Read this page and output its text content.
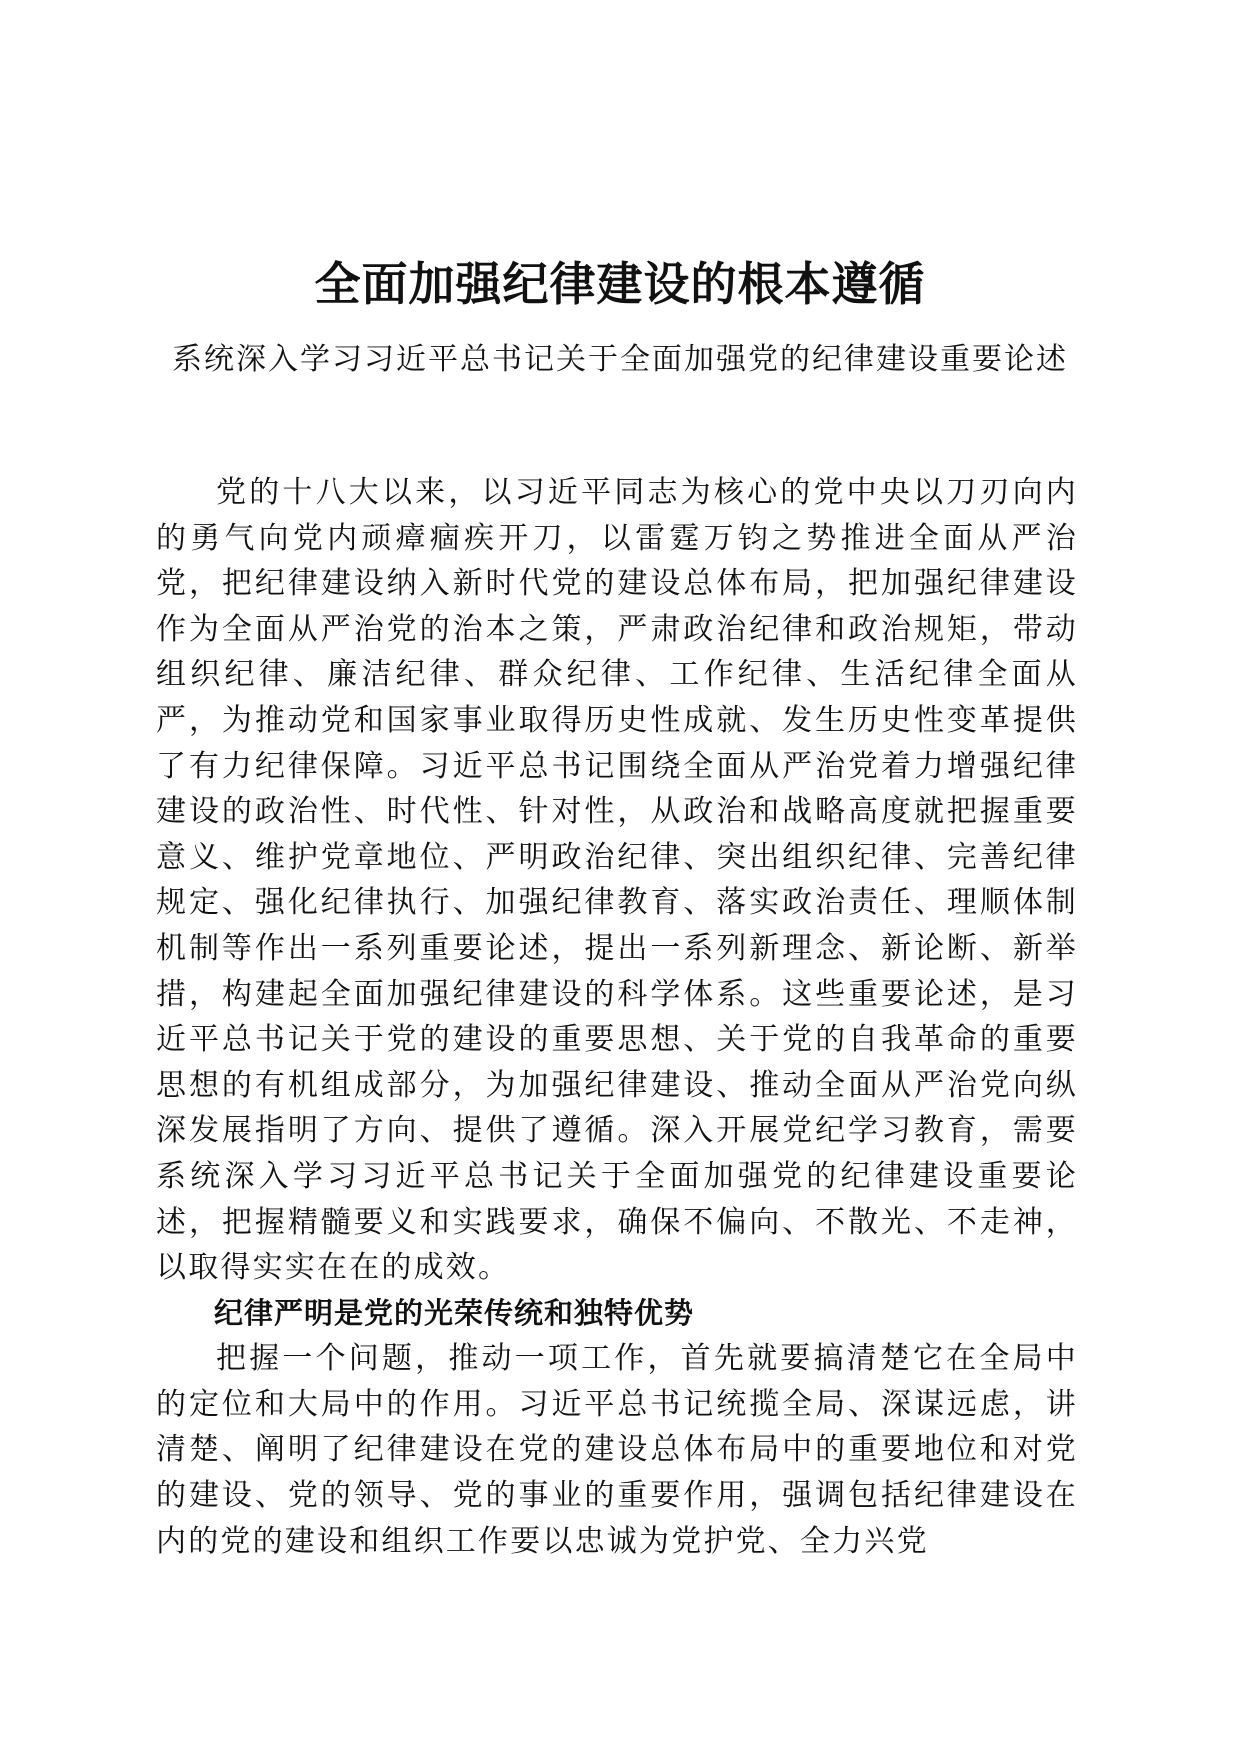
全面加强纪律建设的根本遵循
系统深入学习习近平总书记关于全面加强党的纪律建设重要论述

党的十八大以来，以习近平同志为核心的党中央以刀刃向内的勇气向党内顽瘴痼疾开刀，以雷霆万钧之势推进全面从严治党，把纪律建设纳入新时代党的建设总体布局，把加强纪律建设作为全面从严治党的治本之策，严肃政治纪律和政治规矩，带动组织纪律、廉洁纪律、群众纪律、工作纪律、生活纪律全面从严，为推动党和国家事业取得历史性成就、发生历史性变革提供了有力纪律保障。习近平总书记围绕全面从严治党着力增强纪律建设的政治性、时代性、针对性，从政治和战略高度就把握重要意义、维护党章地位、严明政治纪律、突出组织纪律、完善纪律规定、强化纪律执行、加强纪律教育、落实政治责任、理顺体制机制等作出一系列重要论述，提出一系列新理念、新论断、新举措，构建起全面加强纪律建设的科学体系。这些重要论述，是习近平总书记关于党的建设的重要思想、关于党的自我革命的重要思想的有机组成部分，为加强纪律建设、推动全面从严治党向纵深发展指明了方向、提供了遵循。深入开展党纪学习教育，需要系统深入学习习近平总书记关于全面加强党的纪律建设重要论述，把握精髓要义和实践要求，确保不偏向、不散光、不走神，以取得实实在在的成效。

纪律严明是党的光荣传统和独特优势

把握一个问题，推动一项工作，首先就要搞清楚它在全局中的定位和大局中的作用。习近平总书记统揽全局、深谋远虑，讲清楚、阐明了纪律建设在党的建设总体布局中的重要地位和对党的建设、党的领导、党的事业的重要作用，强调包括纪律建设在内的党的建设和组织工作要以忠诚为党护党、全力兴党
